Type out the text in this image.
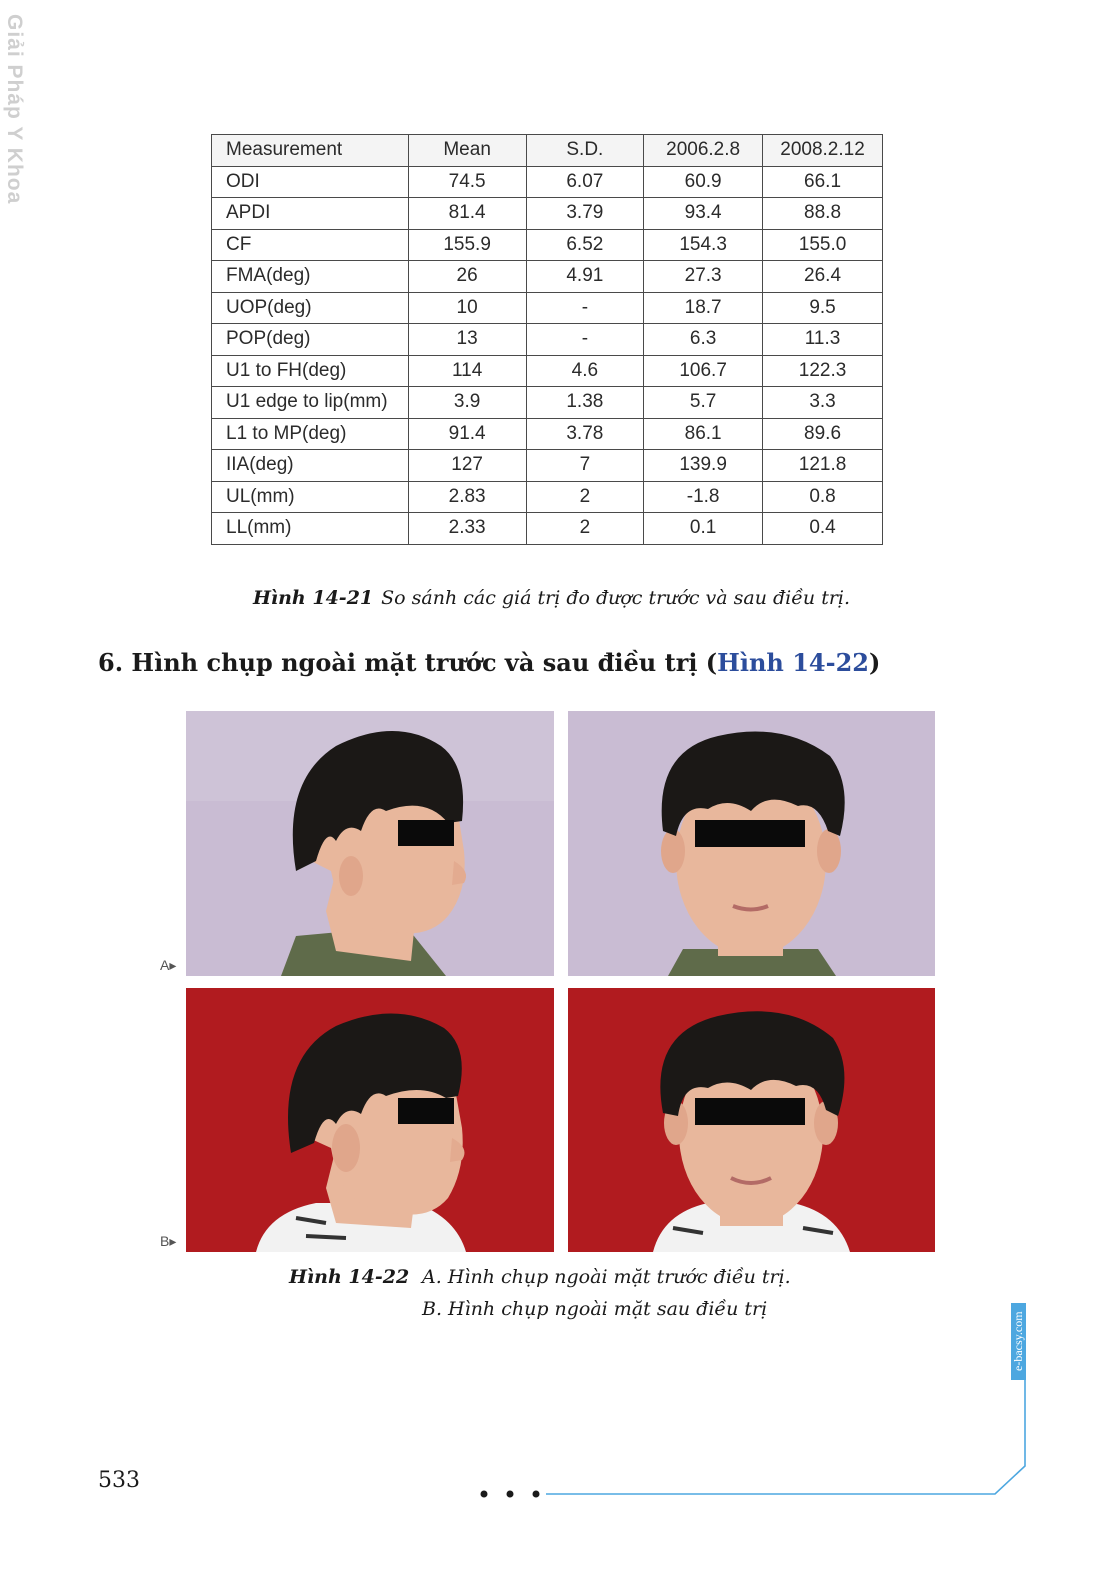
Giải Pháp Y Khoa	Measurement	Mean	S.D.	2006.2.8	2008.2.12
ODI	74.5	6.07	60.9	66.1
APDI	81.4	3.79	93.4	88.8
CF	155.9	6.52	154.3	155.0
FMA(deg)	26	4.91	27.3	26.4
UOP(deg)	10	-	18.7	9.5
POP(deg)	13	-	6.3	11.3
U1 to FH(deg)	114	4.6	106.7	122.3
U1 edge to lip(mm)	3.9	1.38	5.7	3.3
L1 to MP(deg)	91.4	3.78	86.1	89.6
IIA(deg)	127	7	139.9	121.8
UL(mm)	2.83	2	-1.8	0.8
LL(mm)	2.33	2	0.1	0.4
Hình 14-21 So sánh các giá trị đo được trước và sau điều trị.
6. Hình chụp ngoài mặt trước và sau điều trị (Hình 14-22)
A▸
B▸
Hình 14-22 A. Hình chụp ngoài mặt trước điều trị.
B. Hình chụp ngoài mặt sau điều trị
533
e-bacsy.com
